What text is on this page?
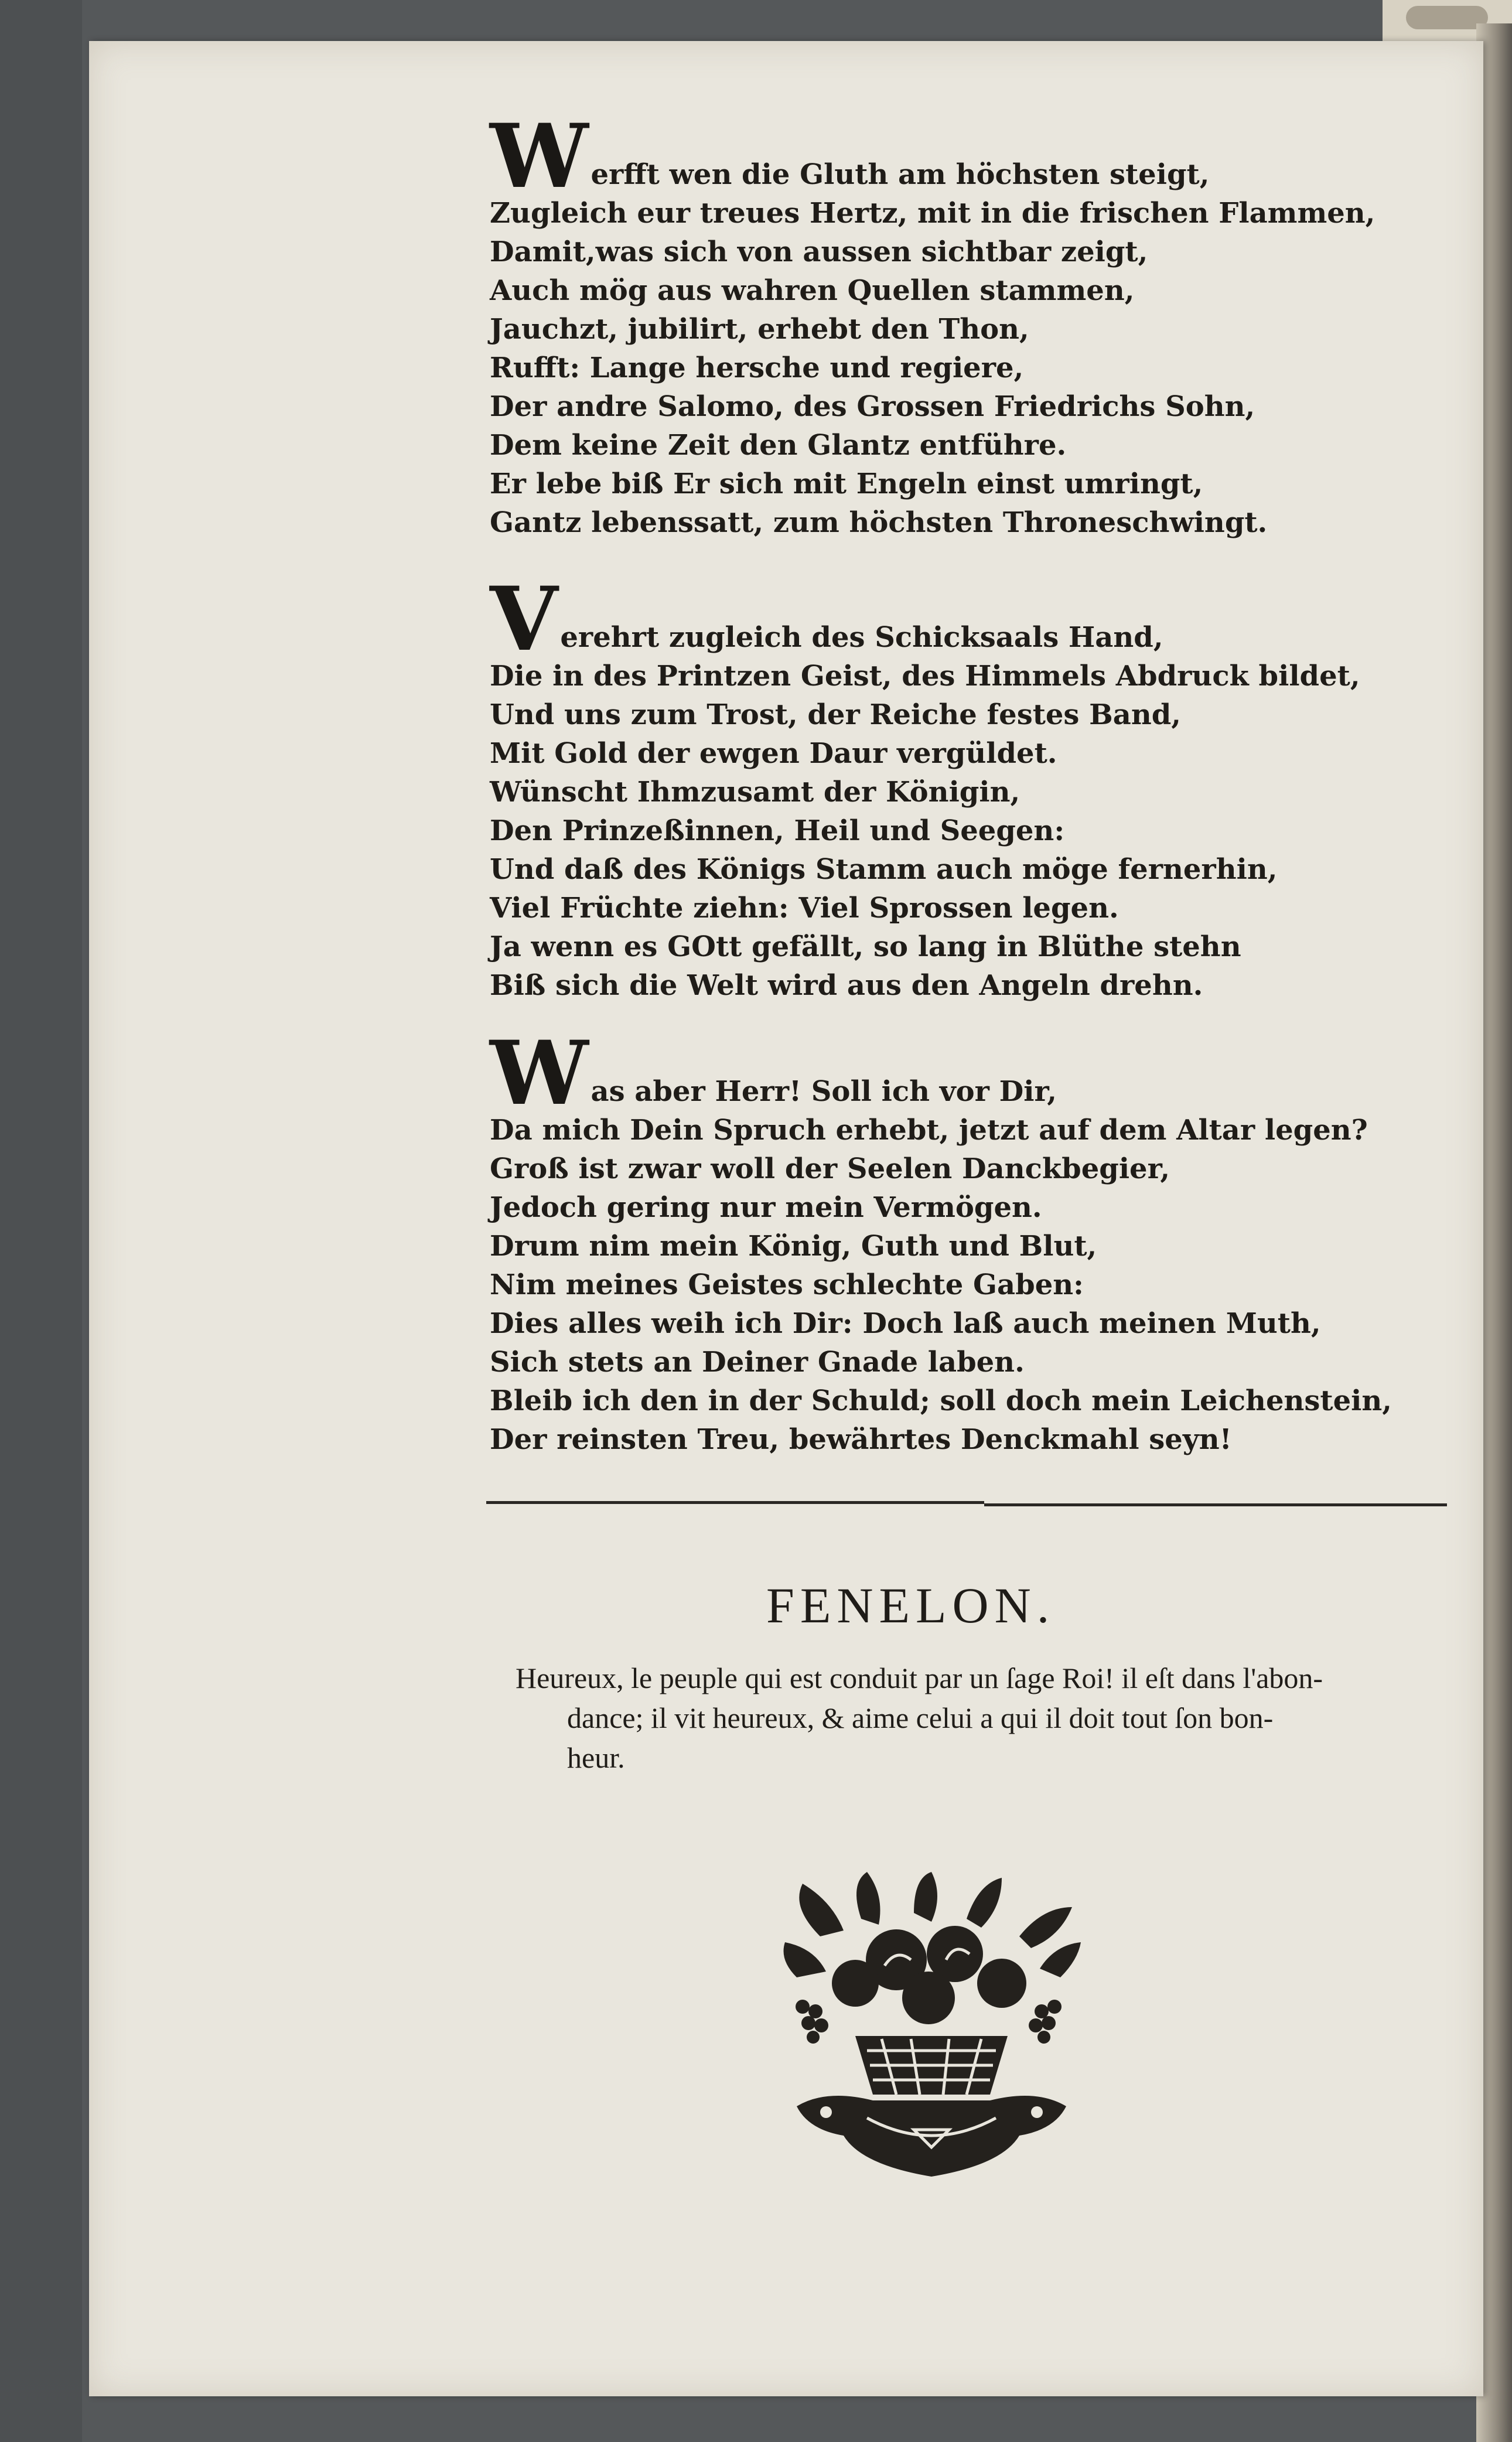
Werfft wen die Gluth am höchsten steigt,
Zugleich eur treues Hertz, mit in die frischen Flammen,
Damit,was sich von aussen sichtbar zeigt,
Auch mög aus wahren Quellen stammen,
Jauchzt, jubilirt, erhebt den Thon,
Rufft: Lange hersche und regiere,
Der andre Salomo, des Grossen Friedrichs Sohn,
Dem keine Zeit den Glantz entführe.
Er lebe biß Er sich mit Engeln einst umringt,
Gantz lebenssatt, zum höchsten Throneschwingt.
Verehrt zugleich des Schicksaals Hand,
Die in des Printzen Geist, des Himmels Abdruck bildet,
Und uns zum Trost, der Reiche festes Band,
Mit Gold der ewgen Daur vergüldet.
Wünscht Ihmzusamt der Königin,
Den Prinzeßinnen, Heil und Seegen:
Und daß des Königs Stamm auch möge fernerhin,
Viel Früchte ziehn: Viel Sprossen legen.
Ja wenn es GOtt gefällt, so lang in Blüthe stehn
Biß sich die Welt wird aus den Angeln drehn.
Was aber Herr! Soll ich vor Dir,
Da mich Dein Spruch erhebt, jetzt auf dem Altar legen?
Groß ist zwar woll der Seelen Danckbegier,
Jedoch gering nur mein Vermögen.
Drum nim mein König, Guth und Blut,
Nim meines Geistes schlechte Gaben:
Dies alles weih ich Dir: Doch laß auch meinen Muth,
Sich stets an Deiner Gnade laben.
Bleib ich den in der Schuld; soll doch mein Leichenstein,
Der reinsten Treu, bewährtes Denckmahl seyn!
FENELON.
Heureux, le peuple qui est conduit par un ſage Roi! il eſt dans l'abon-
dance; il vit heureux, & aime celui a qui il doit tout ſon bon-
heur.
